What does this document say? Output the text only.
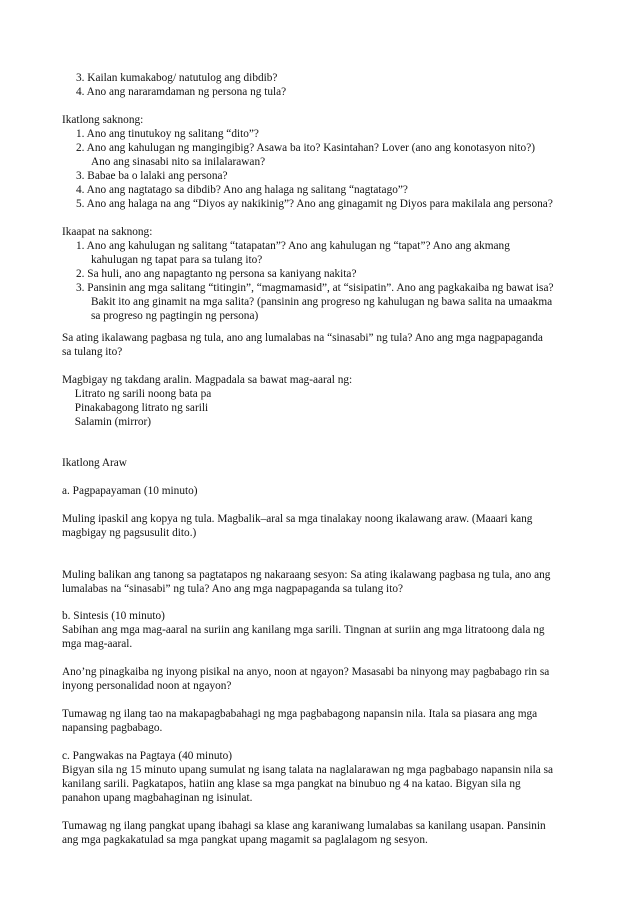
3. Kailan kumakabog/ natutulog ang dibdib?
4. Ano ang nararamdaman ng persona ng tula?
Ikatlong saknong:
1. Ano ang tinutukoy ng salitang “dito”?
2. Ano ang kahulugan ng mangingibig? Asawa ba ito? Kasintahan? Lover (ano ang konotasyon nito?)
Ano ang sinasabi nito sa inilalarawan?
3. Babae ba o lalaki ang persona?
4. Ano ang nagtatago sa dibdib? Ano ang halaga ng salitang “nagtatago”?
5. Ano ang halaga na ang “Diyos ay nakikinig”? Ano ang ginagamit ng Diyos para makilala ang persona?
Ikaapat na saknong:
1. Ano ang kahulugan ng salitang “tatapatan”? Ano ang kahulugan ng “tapat”? Ano ang akmang
kahulugan ng tapat para sa tulang ito?
2. Sa huli, ano ang napagtanto ng persona sa kaniyang nakita?
3. Pansinin ang mga salitang “titingin”, “magmamasid”, at “sisipatin”. Ano ang pagkakaiba ng bawat isa?
Bakit ito ang ginamit na mga salita? (pansinin ang progreso ng kahulugan ng bawa salita na umaakma
sa progreso ng pagtingin ng persona)
Sa ating ikalawang pagbasa ng tula, ano ang lumalabas na “sinasabi” ng tula? Ano ang mga nagpapaganda
sa tulang ito?
Magbigay ng takdang aralin. Magpadala sa bawat mag-aaral ng:
Litrato ng sarili noong bata pa
Pinakabagong litrato ng sarili
Salamin (mirror)
Ikatlong Araw
a. Pagpapayaman (10 minuto)
Muling ipaskil ang kopya ng tula. Magbalik–aral sa mga tinalakay noong ikalawang araw. (Maaari kang
magbigay ng pagsusulit dito.)
Muling balikan ang tanong sa pagtatapos ng nakaraang sesyon: Sa ating ikalawang pagbasa ng tula, ano ang
lumalabas na “sinasabi” ng tula? Ano ang mga nagpapaganda sa tulang ito?
b. Sintesis (10 minuto)
Sabihan ang mga mag-aaral na suriin ang kanilang mga sarili. Tingnan at suriin ang mga litratoong dala ng
mga mag-aaral.
Ano’ng pinagkaiba ng inyong pisikal na anyo, noon at ngayon? Masasabi ba ninyong may pagbabago rin sa
inyong personalidad noon at ngayon?
Tumawag ng ilang tao na makapagbabahagi ng mga pagbabagong napansin nila. Itala sa piasara ang mga
napansing pagbabago.
c. Pangwakas na Pagtaya (40 minuto)
Bigyan sila ng 15 minuto upang sumulat ng isang talata na naglalarawan ng mga pagbabago napansin nila sa
kanilang sarili. Pagkatapos, hatiin ang klase sa mga pangkat na binubuo ng 4 na katao. Bigyan sila ng
panahon upang magbahaginan ng isinulat.
Tumawag ng ilang pangkat upang ibahagi sa klase ang karaniwang lumalabas sa kanilang usapan. Pansinin
ang mga pagkakatulad sa mga pangkat upang magamit sa paglalagom ng sesyon.
